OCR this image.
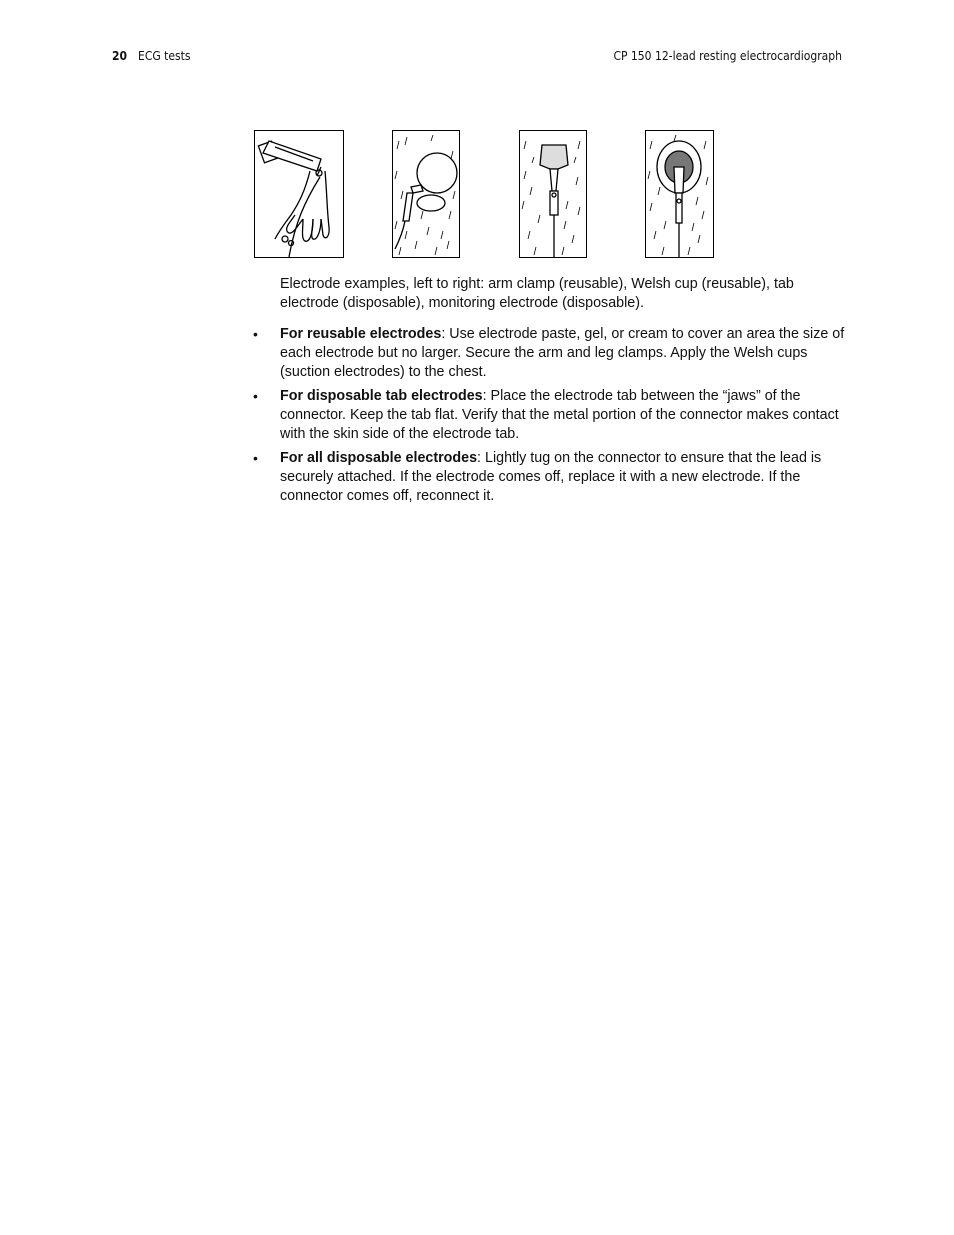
20 ECG tests	CP 150 12-lead resting electrocardiograph
Electrode examples, left to right: arm clamp (reusable), Welsh cup (reusable), tab electrode (disposable), monitoring electrode (disposable).
• For reusable electrodes: Use electrode paste, gel, or cream to cover an area the size of each electrode but no larger. Secure the arm and leg clamps. Apply the Welsh cups (suction electrodes) to the chest.
• For disposable tab electrodes: Place the electrode tab between the “jaws” of the connector. Keep the tab flat. Verify that the metal portion of the connector makes contact with the skin side of the electrode tab.
• For all disposable electrodes: Lightly tug on the connector to ensure that the lead is securely attached. If the electrode comes off, replace it with a new electrode. If the connector comes off, reconnect it.
